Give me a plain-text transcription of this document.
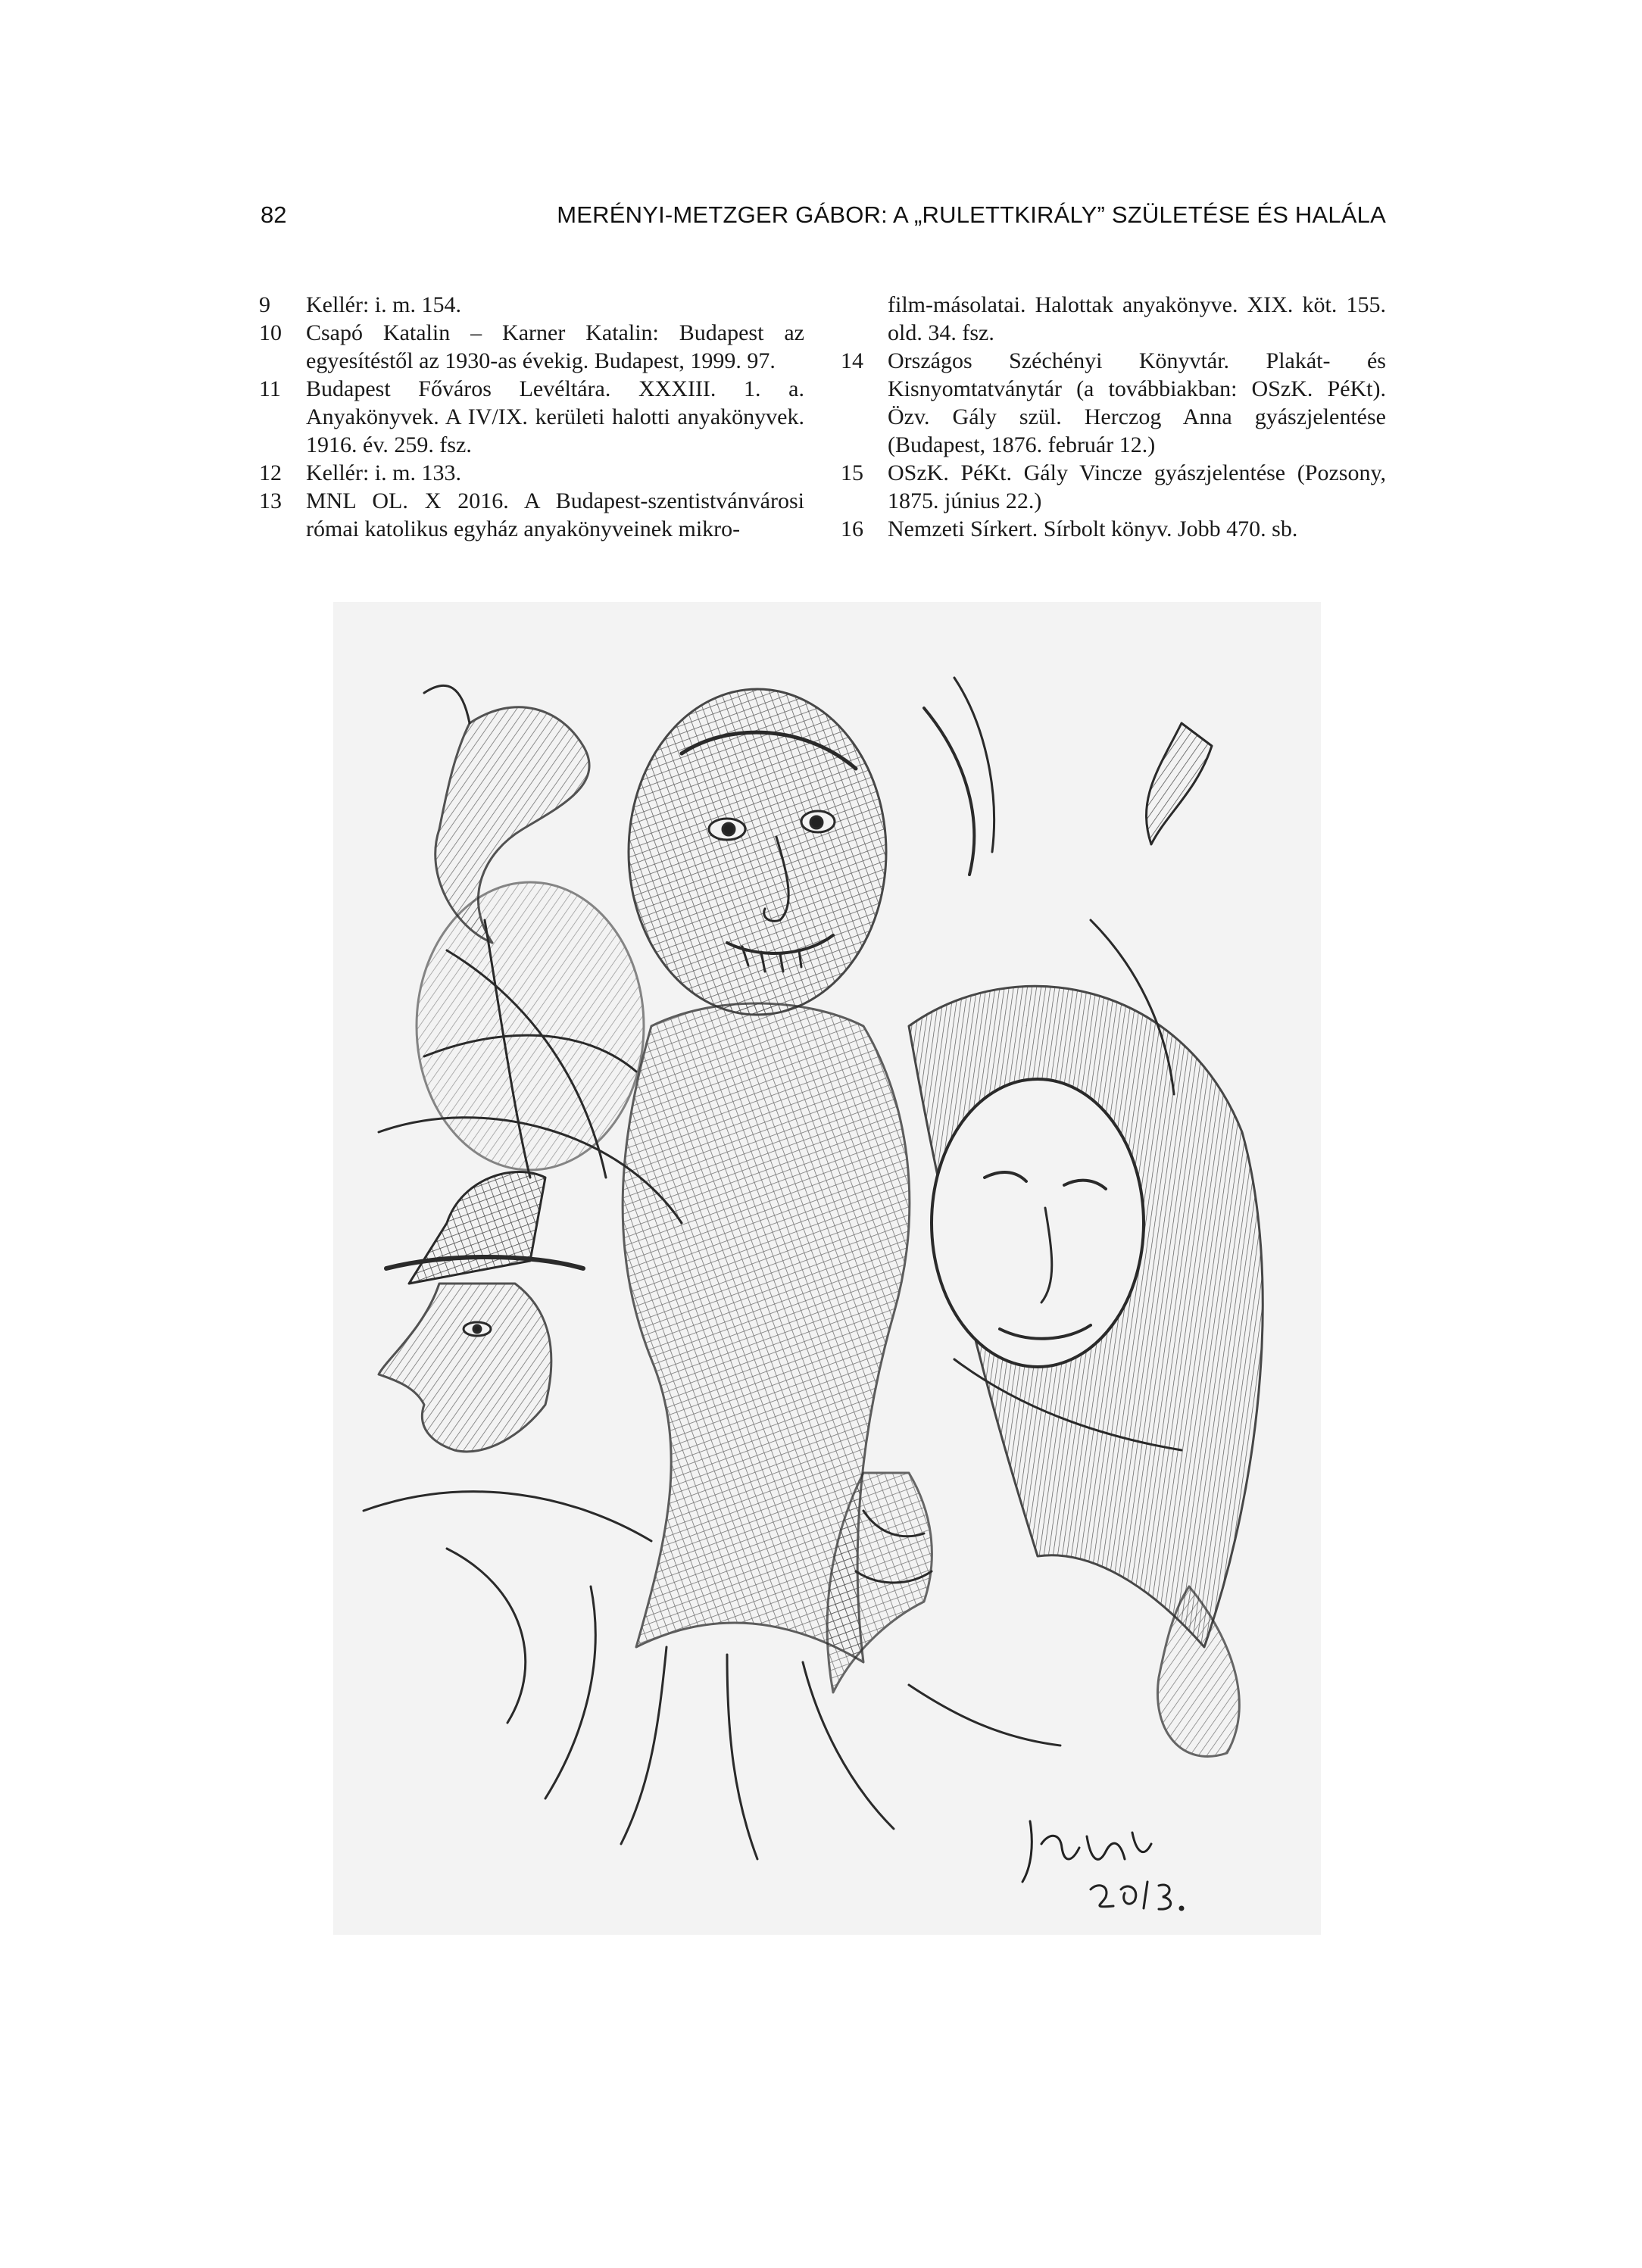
82	MERÉNYI-METZGER GÁBOR: A „RULETTKIRÁLY” SZÜLETÉSE ÉS HALÁLA
9	Kellér: i. m. 154.
10	Csapó Katalin – Karner Katalin: Budapest az egyesítéstől az 1930-as évekig. Budapest, 1999. 97.
11	Budapest Főváros Levéltára. XXXIII. 1. a. Anyakönyvek. A IV/IX. kerületi halotti anyakönyvek. 1916. év. 259. fsz.
12	Kellér: i. m. 133.
13	MNL OL. X 2016. A Budapest-szentistvánvárosi római katolikus egyház anyakönyveinek mikro-
film-másolatai. Halottak anyakönyve. XIX. köt. 155. old. 34. fsz.
14	Országos Széchényi Könyvtár. Plakát- és Kisnyomtatványtár (a továbbiakban: OSzK. PéKt). Özv. Gály szül. Herczog Anna gyászjelentése (Budapest, 1876. február 12.)
15	OSzK. PéKt. Gály Vincze gyászjelentése (Pozsony, 1875. június 22.)
16	Nemzeti Sírkert. Sírbolt könyv. Jobb 470. sb.
